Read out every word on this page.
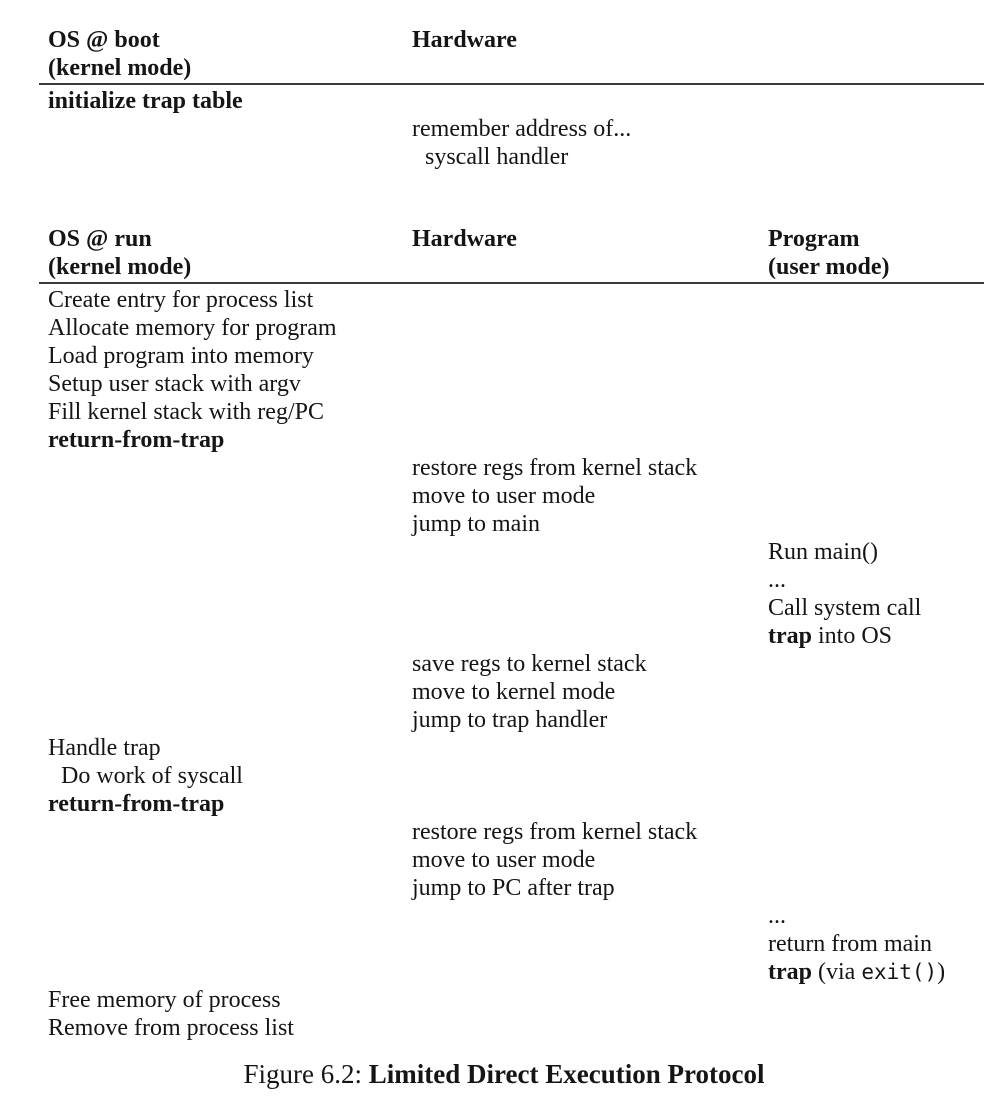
OS @ boot
(kernel mode)
Hardware
initialize trap table
remember address of...
syscall handler
OS @ run
(kernel mode)
Hardware	Program
(user mode)
Create entry for process list
Allocate memory for program
Load program into memory
Setup user stack with argv
Fill kernel stack with reg/PC
return-from-trap
restore regs from kernel stack
move to user mode
jump to main
Run main()
...
Call system call
trap into OS
save regs to kernel stack
move to kernel mode
jump to trap handler
Handle trap
Do work of syscall
return-from-trap
restore regs from kernel stack
move to user mode
jump to PC after trap
...
return from main
trap (via exit())
Free memory of process
Remove from process list
Figure 6.2: Limited Direct Execution Protocol
